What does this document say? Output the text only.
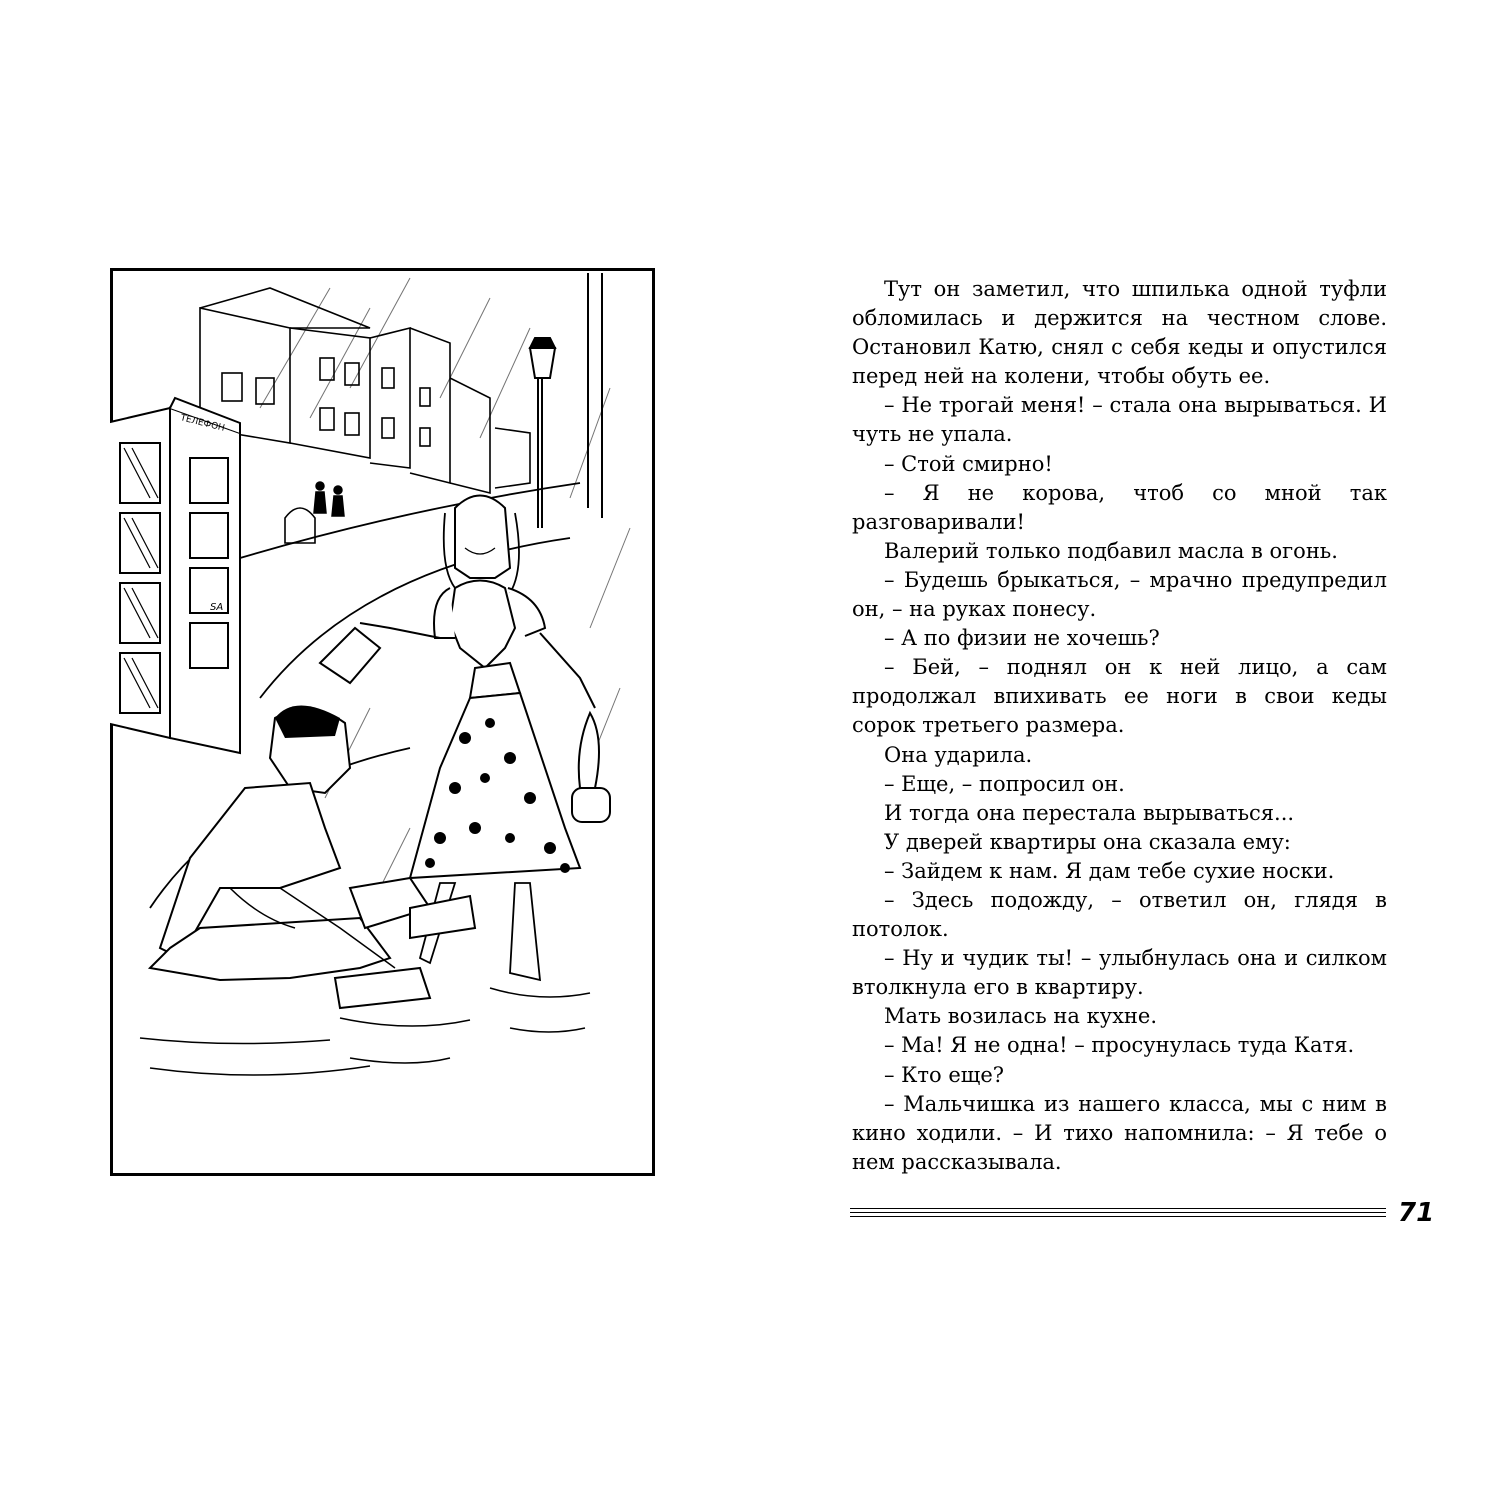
ТЕЛЕФОН
SA

Тут он заметил, что шпилька одной туфли обломилась и держится на честном слове. Остановил Катю, снял с себя кеды и опустился перед ней на колени, чтобы обуть ее.

– Не трогай меня! – стала она вырываться. И чуть не упала.

– Стой смирно!

– Я не корова, чтоб со мной так разговаривали!

Валерий только подбавил масла в огонь.

– Будешь брыкаться, – мрачно предупредил он, – на руках понесу.

– А по физии не хочешь?

– Бей, – поднял он к ней лицо, а сам продолжал впихивать ее ноги в свои кеды сорок третьего размера.

Она ударила.

– Еще, – попросил он.

И тогда она перестала вырываться...

У дверей квартиры она сказала ему:

– Зайдем к нам. Я дам тебе сухие носки.

– Здесь подожду, – ответил он, глядя в потолок.

– Ну и чудик ты! – улыбнулась она и силком втолкнула его в квартиру.

Мать возилась на кухне.

– Ма! Я не одна! – просунулась туда Катя.

– Кто еще?

– Мальчишка из нашего класса, мы с ним в кино ходили. – И тихо напомнила: – Я тебе о нем рассказывала.

71
